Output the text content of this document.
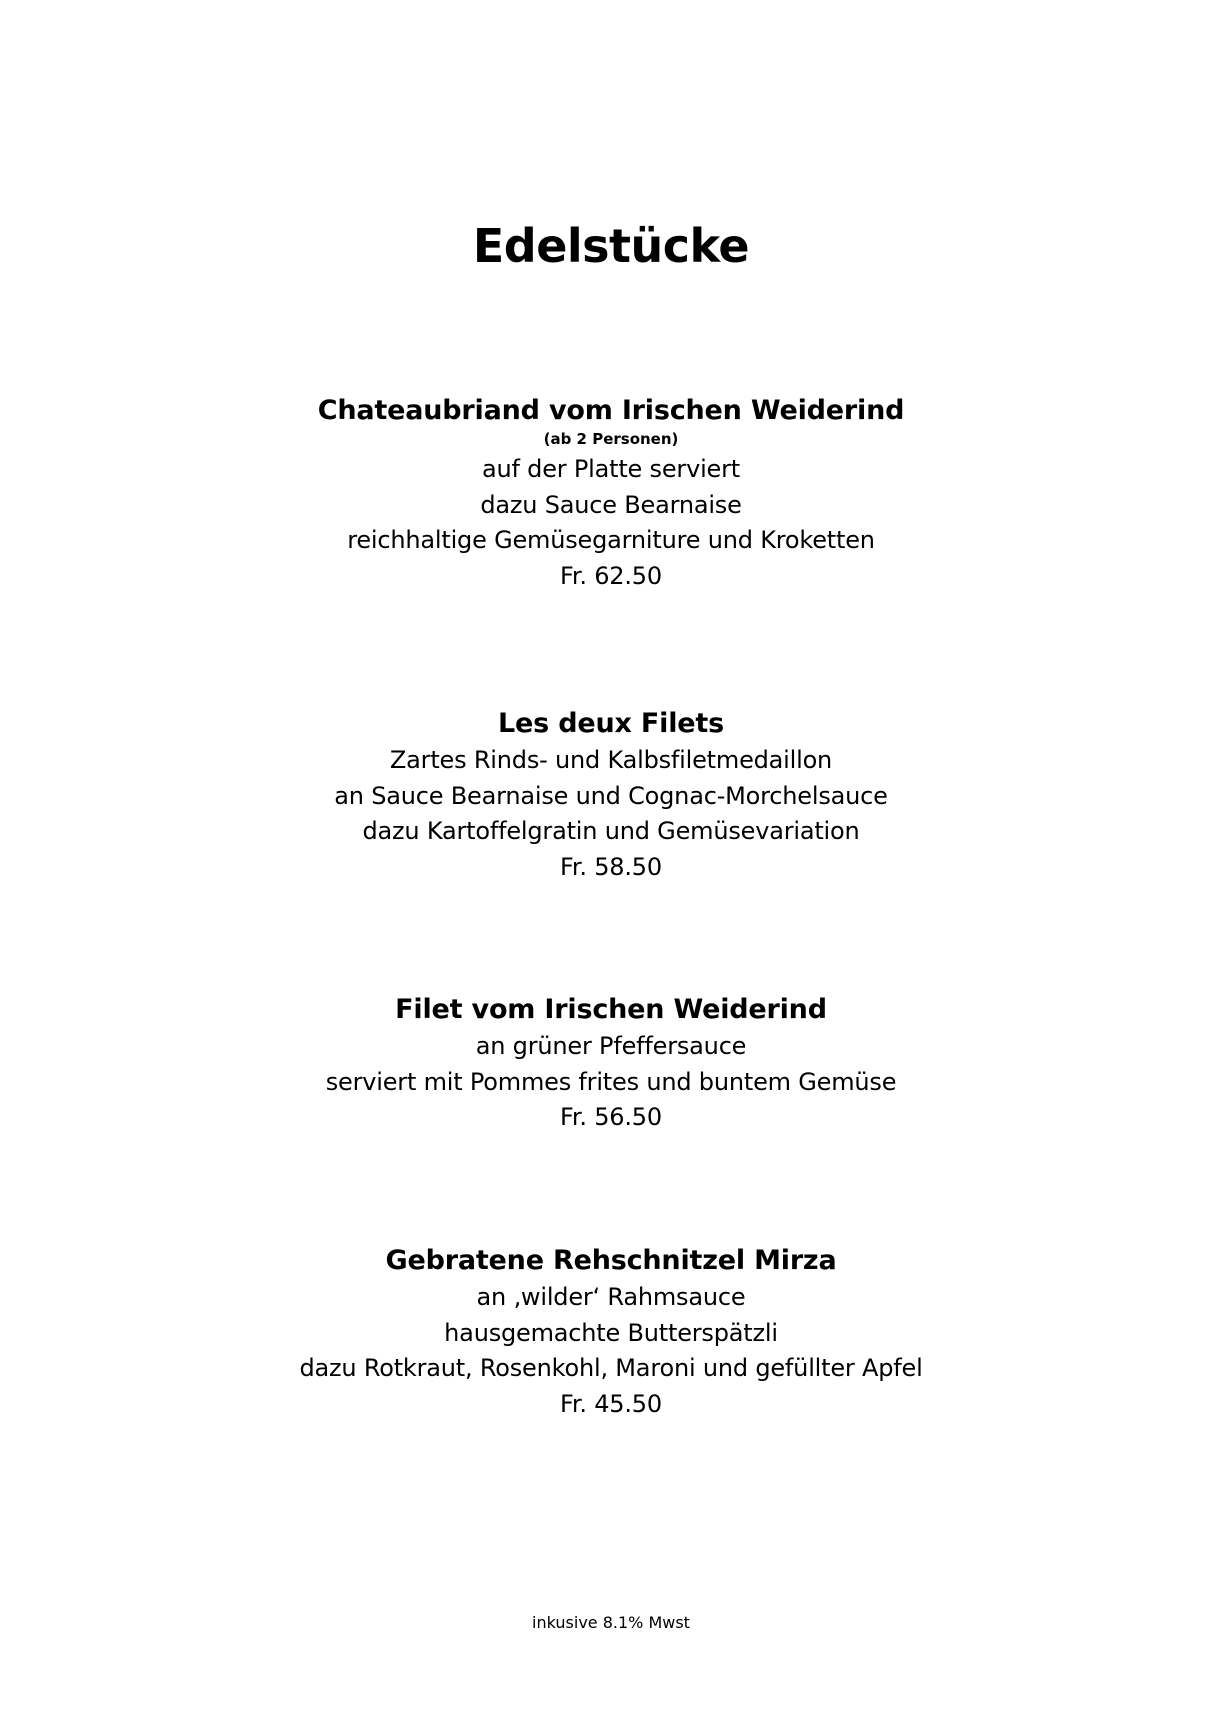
Edelstücke
Chateaubriand vom Irischen Weiderind
(ab 2 Personen)
auf der Platte serviert
dazu Sauce Bearnaise
reichhaltige Gemüsegarniture und Kroketten
Fr. 62.50
Les deux Filets
Zartes Rinds- und Kalbsfiletmedaillon
an Sauce Bearnaise und Cognac-Morchelsauce
dazu Kartoffelgratin und Gemüsevariation
Fr. 58.50
Filet vom Irischen Weiderind
an grüner Pfeffersauce
serviert mit Pommes frites und buntem Gemüse
Fr. 56.50
Gebratene Rehschnitzel Mirza
an ‚wilder‘ Rahmsauce
hausgemachte Butterspätzli
dazu Rotkraut, Rosenkohl, Maroni und gefüllter Apfel
Fr. 45.50
inkusive 8.1% Mwst
